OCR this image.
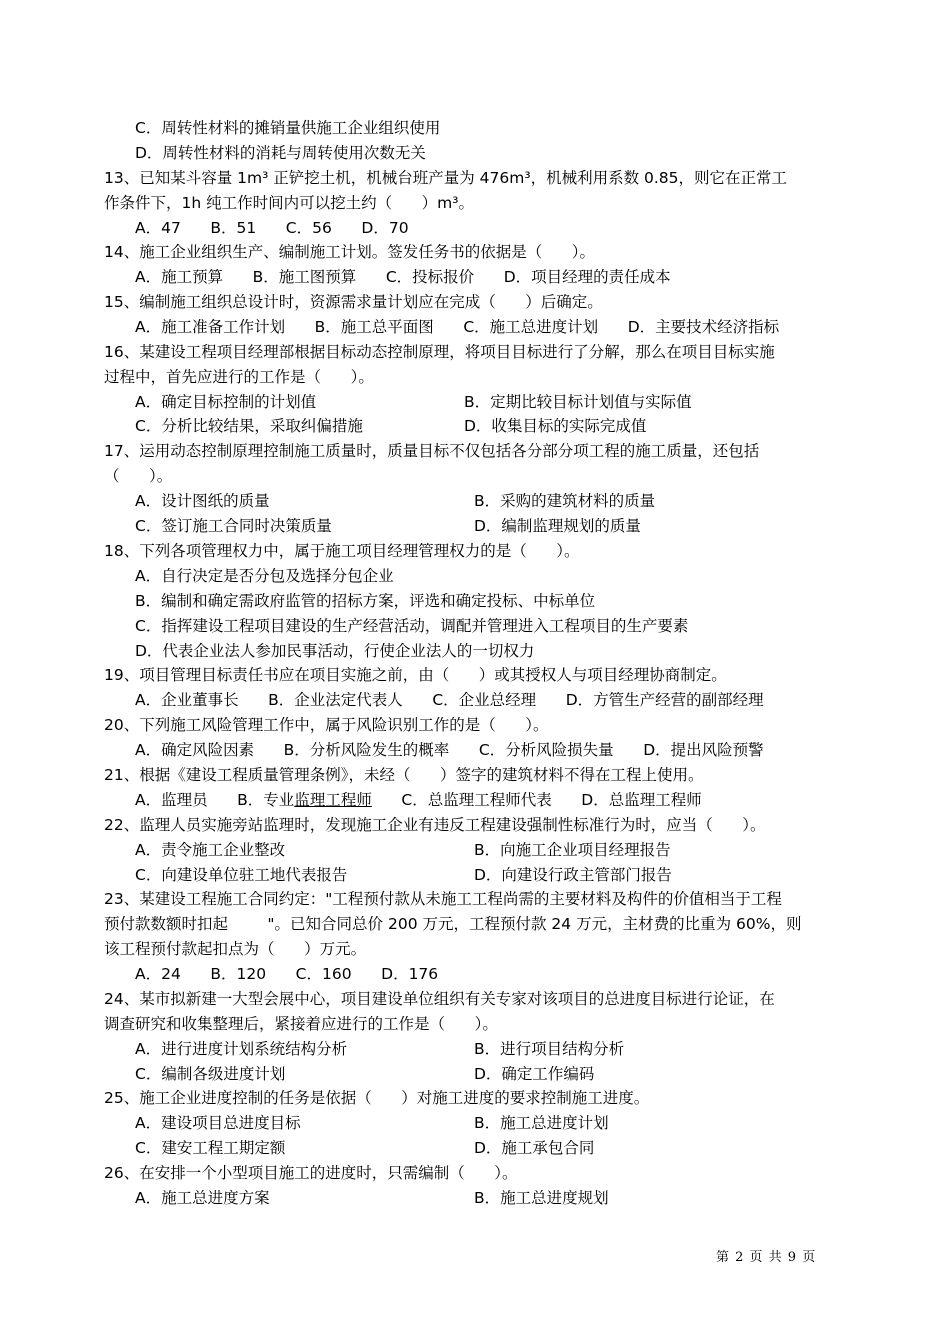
C．周转性材料的摊销量供施工企业组织使用
D．周转性材料的消耗与周转使用次数无关
13、已知某斗容量 1m³ 正铲挖土机，机械台班产量为 476m³，机械利用系数 0.85，则它在正常工
作条件下，1h 纯工作时间内可以挖土约（      ）m³。
A．47      B．51      C．56      D．70
14、施工企业组织生产、编制施工计划。签发任务书的依据是（      ）。
A．施工预算      B．施工图预算      C．投标报价      D．项目经理的责任成本
15、编制施工组织总设计时，资源需求量计划应在完成（      ）后确定。
A．施工准备工作计划      B．施工总平面图      C．施工总进度计划      D．主要技术经济指标
16、某建设工程项目经理部根据目标动态控制原理，将项目目标进行了分解，那么在项目目标实施
过程中，首先应进行的工作是（      ）。
A．确定目标控制的计划值	B．定期比较目标计划值与实际值
C．分析比较结果，采取纠偏措施	D．收集目标的实际完成值
17、运用动态控制原理控制施工质量时，质量目标不仅包括各分部分项工程的施工质量，还包括
（      ）。
A．设计图纸的质量	B．采购的建筑材料的质量
C．签订施工合同时决策质量	D．编制监理规划的质量
18、下列各项管理权力中，属于施工项目经理管理权力的是（      ）。
A．自行决定是否分包及选择分包企业
B．编制和确定需政府监管的招标方案，评选和确定投标、中标单位
C．指挥建设工程项目建设的生产经营活动，调配并管理进入工程项目的生产要素
D．代表企业法人参加民事活动，行使企业法人的一切权力
19、项目管理目标责任书应在项目实施之前，由（      ）或其授权人与项目经理协商制定。
A．企业董事长      B．企业法定代表人      C．企业总经理      D．方管生产经营的副部经理
20、下列施工风险管理工作中，属于风险识别工作的是（      ）。
A．确定风险因素      B．分析风险发生的概率      C．分析风险损失量      D．提出风险预警
21、根据《建设工程质量管理条例》，未经（      ）签字的建筑材料不得在工程上使用。
A．监理员 B．专业监理工程师 C．总监理工程师代表      D．总监理工程师
22、监理人员实施旁站监理时，发现施工企业有违反工程建设强制性标准行为时，应当（      ）。
A．责令施工企业整改	B．向施工企业项目经理报告
C．向建设单位驻工地代表报告	D．向建设行政主管部门报告
23、某建设工程施工合同约定："工程预付款从未施工工程尚需的主要材料及构件的价值相当于工程
预付款数额时扣起        "。已知合同总价 200 万元，工程预付款 24 万元，主材费的比重为 60%，则
该工程预付款起扣点为（      ）万元。
A．24      B．120      C．160      D．176
24、某市拟新建一大型会展中心，项目建设单位组织有关专家对该项目的总进度目标进行论证，在
调查研究和收集整理后，紧接着应进行的工作是（      ）。
A．进行进度计划系统结构分析	B．进行项目结构分析
C．编制各级进度计划	D．确定工作编码
25、施工企业进度控制的任务是依据（      ）对施工进度的要求控制施工进度。
A．建设项目总进度目标	B．施工总进度计划
C．建安工程工期定额	D．施工承包合同
26、在安排一个小型项目施工的进度时，只需编制（      ）。
A．施工总进度方案	B．施工总进度规划
第 2 页 共 9 页
